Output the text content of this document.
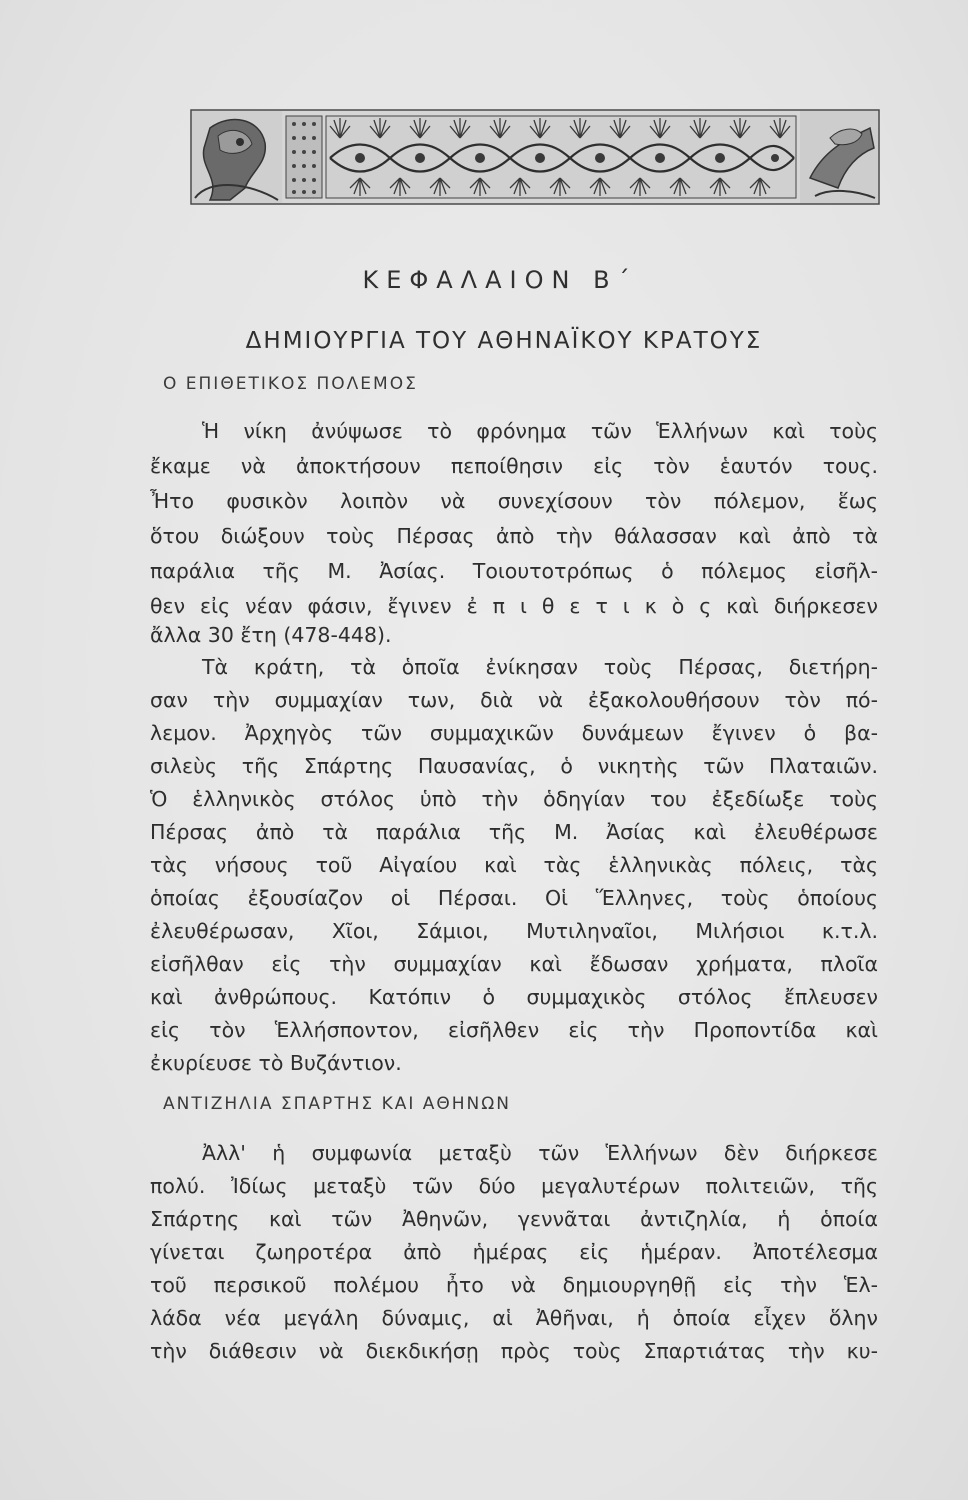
ΚΕΦΑΛΑΙΟΝ Β΄
ΔΗΜΙΟΥΡΓΙΑ ΤΟΥ ΑΘΗΝΑΪΚΟΥ ΚΡΑΤΟΥΣ
Ο ΕΠΙΘΕΤΙΚΟΣ ΠΟΛΕΜΟΣ
Ἡ νίκη ἀνύψωσε τὸ φρόνημα τῶν Ἑλλήνων καὶ τοὺς
ἔκαμε νὰ ἀποκτήσουν πεποίθησιν εἰς τὸν ἑαυτόν τους.
Ἦτο φυσικὸν λοιπὸν νὰ συνεχίσουν τὸν πόλεμον, ἕως
ὅτου διώξουν τοὺς Πέρσας ἀπὸ τὴν θάλασσαν καὶ ἀπὸ τὰ
παράλια τῆς Μ. Ἀσίας. Τοιουτοτρόπως ὁ πόλεμος εἰσῆλ-
θεν εἰς νέαν φάσιν, ἔγινεν ἐ π ι θ ε τ ι κ ὸ ς καὶ διήρκεσεν
ἄλλα 30 ἔτη (478-448).
Τὰ κράτη, τὰ ὁποῖα ἐνίκησαν τοὺς Πέρσας, διετήρη-
σαν τὴν συμμαχίαν των, διὰ νὰ ἐξακολουθήσουν τὸν πό-
λεμον. Ἀρχηγὸς τῶν συμμαχικῶν δυνάμεων ἔγινεν ὁ βα-
σιλεὺς τῆς Σπάρτης Παυσανίας, ὁ νικητὴς τῶν Πλαταιῶν.
Ὁ ἑλληνικὸς στόλος ὑπὸ τὴν ὁδηγίαν του ἐξεδίωξε τοὺς
Πέρσας ἀπὸ τὰ παράλια τῆς Μ. Ἀσίας καὶ ἐλευθέρωσε
τὰς νήσους τοῦ Αἰγαίου καὶ τὰς ἑλληνικὰς πόλεις, τὰς
ὁποίας ἐξουσίαζον οἱ Πέρσαι. Οἱ Ἕλληνες, τοὺς ὁποίους
ἐλευθέρωσαν, Χῖοι, Σάμιοι, Μυτιληναῖοι, Μιλήσιοι κ.τ.λ.
εἰσῆλθαν εἰς τὴν συμμαχίαν καὶ ἔδωσαν χρήματα, πλοῖα
καὶ ἀνθρώπους. Κατόπιν ὁ συμμαχικὸς στόλος ἔπλευσεν
εἰς τὸν Ἑλλήσποντον, εἰσῆλθεν εἰς τὴν Προποντίδα καὶ
ἐκυρίευσε τὸ Βυζάντιον.
ΑΝΤΙΖΗΛΙΑ ΣΠΑΡΤΗΣ ΚΑΙ ΑΘΗΝΩΝ
Ἀλλ' ἡ συμφωνία μεταξὺ τῶν Ἑλλήνων δὲν διήρκεσε
πολύ. Ἰδίως μεταξὺ τῶν δύο μεγαλυτέρων πολιτειῶν, τῆς
Σπάρτης καὶ τῶν Ἀθηνῶν, γεννᾶται ἀντιζηλία, ἡ ὁποία
γίνεται ζωηροτέρα ἀπὸ ἡμέρας εἰς ἡμέραν. Ἀποτέλεσμα
τοῦ περσικοῦ πολέμου ἦτο νὰ δημιουργηθῇ εἰς τὴν Ἑλ-
λάδα νέα μεγάλη δύναμις, αἱ Ἀθῆναι, ἡ ὁποία εἶχεν ὅλην
τὴν διάθεσιν νὰ διεκδικήσῃ πρὸς τοὺς Σπαρτιάτας τὴν κυ-
